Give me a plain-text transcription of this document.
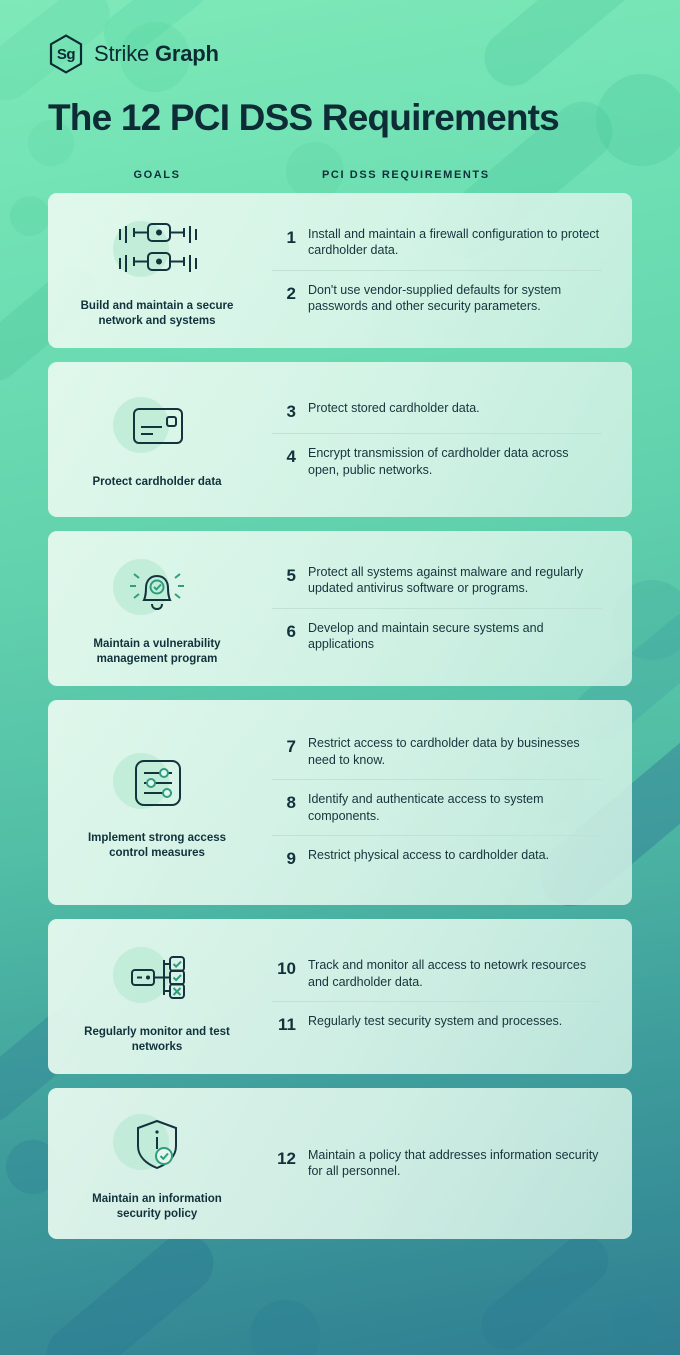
Sg Strike Graph
The 12 PCI DSS Requirements
GOALS	PCI DSS REQUIREMENTS
Build and maintain a secure network and systems
1 Install and maintain a firewall configuration to protect cardholder data.
2 Don't use vendor-supplied defaults for system passwords and other security parameters.
Protect cardholder data
3 Protect stored cardholder data.
4 Encrypt transmission of cardholder data across open, public networks.
Maintain a vulnerability management program
5 Protect all systems against malware and regularly updated antivirus software or programs.
6 Develop and maintain secure systems and applications
Implement strong access control measures
7 Restrict access to cardholder data by businesses need to know.
8 Identify and authenticate access to system components.
9 Restrict physical access to cardholder data.
Regularly monitor and test networks
10 Track and monitor all access to netowrk resources and cardholder data.
11 Regularly test security system and processes.
Maintain an information security policy
12 Maintain a policy that addresses information security for all personnel.
